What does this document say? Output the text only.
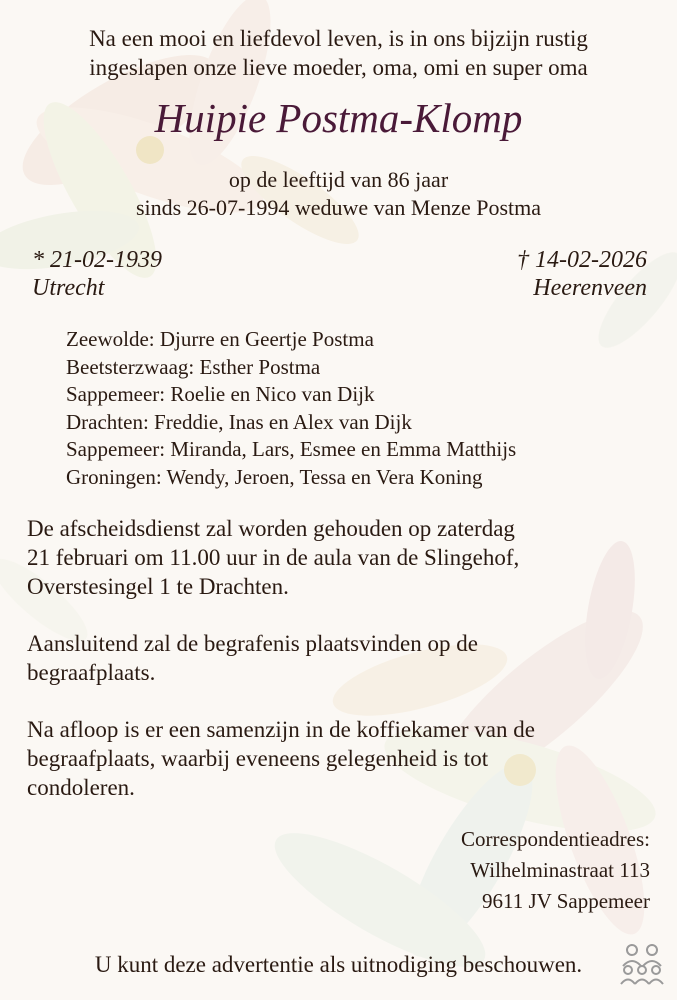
Na een mooi en liefdevol leven, is in ons bijzijn rustig
ingeslapen onze lieve moeder, oma, omi en super oma
Huipie Postma-Klomp
op de leeftijd van 86 jaar
sinds 26-07-1994 weduwe van Menze Postma
* 21-02-1939
Utrecht
† 14-02-2026
Heerenveen
Zeewolde: Djurre en Geertje Postma
Beetsterzwaag: Esther Postma
Sappemeer: Roelie en Nico van Dijk
Drachten: Freddie, Inas en Alex van Dijk
Sappemeer: Miranda, Lars, Esmee en Emma Matthijs
Groningen: Wendy, Jeroen, Tessa en Vera Koning
De afscheidsdienst zal worden gehouden op zaterdag
21 februari om 11.00 uur in de aula van de Slingehof,
Overstesingel 1 te Drachten.
Aansluitend zal de begrafenis plaatsvinden op de
begraafplaats.
Na afloop is er een samenzijn in de koffiekamer van de
begraafplaats, waarbij eveneens gelegenheid is tot
condoleren.
Correspondentieadres:
Wilhelminastraat 113
9611 JV Sappemeer
U kunt deze advertentie als uitnodiging beschouwen.
